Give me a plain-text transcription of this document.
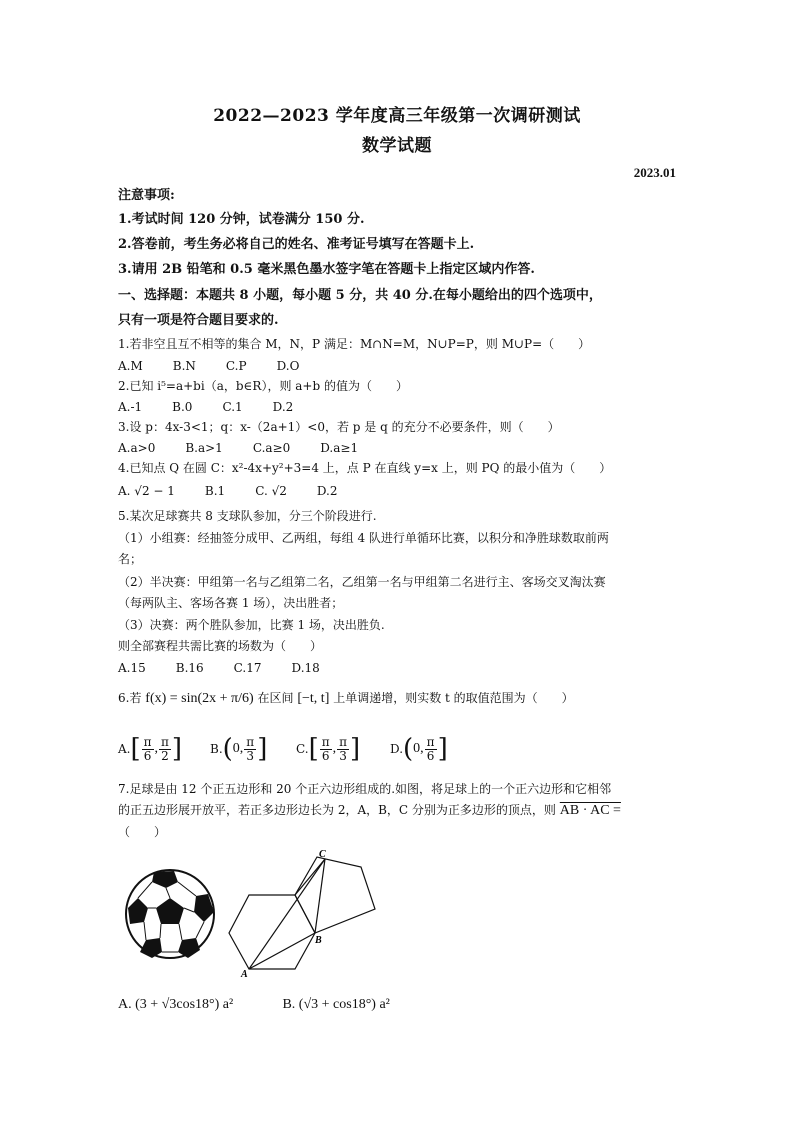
2022—2023 学年度高三年级第一次调研测试
数学试题
2023.01
注意事项:
1.考试时间 120 分钟，试卷满分 150 分.
2.答卷前，考生务必将自己的姓名、准考证号填写在答题卡上.
3.请用 2B 铅笔和 0.5 毫米黑色墨水签字笔在答题卡上指定区域内作答.
一、选择题：本题共 8 小题，每小题 5 分，共 40 分.在每小题给出的四个选项中，
只有一项是符合题目要求的.
1.若非空且互不相等的集合 M，N，P 满足：M∩N=M，N∪P=P，则 M∪P=（　　）
A.M	B.N	C.P	D.O
2.已知 i⁵=a+bi（a，b∈R），则 a+b 的值为（　　）
A.-1	B.0	C.1	D.2
3.设 p：4x-3<1；q：x-（2a+1）<0，若 p 是 q 的充分不必要条件，则（　　）
A.a>0	B.a>1	C.a≥0	D.a≥1
4.已知点 Q 在圆 C：x²-4x+y²+3=4 上，点 P 在直线 y=x 上，则 PQ 的最小值为（　　）
A. √2 − 1	B.1	C. √2	D.2
5.某次足球赛共 8 支球队参加，分三个阶段进行.
（1）小组赛：经抽签分成甲、乙两组，每组 4 队进行单循环比赛，以积分和净胜球数取前两
名；
（2）半决赛：甲组第一名与乙组第二名，乙组第一名与甲组第二名进行主、客场交叉淘汰赛
（每两队主、客场各赛 1 场），决出胜者；
（3）决赛：两个胜队参加，比赛 1 场，决出胜负.
则全部赛程共需比赛的场数为（　　）
A.15	B.16	C.17	D.18
6.若 f(x) = sin(2x + π/6) 在区间 [−t, t] 上单调递增，则实数 t 的取值范围为（　　）
A. [ $\frac{\pi}{6}$ , $\frac{\pi}{2}$ ] B. ( 0 , $\frac{\pi}{3}$ ] C. [ $\frac{\pi}{6}$ , $\frac{\pi}{3}$ ] D. ( 0 , $\frac{\pi}{6}$ ]
7.足球是由 12 个正五边形和 20 个正六边形组成的.如图，将足球上的一个正六边形和它相邻
的正五边形展开放平，若正多边形边长为 2，A，B，C 分别为正多边形的顶点，则 AB · AC =
（　　）
C
B
A
A. (3 + √3cos18°) a²	B. (√3 + cos18°) a²
